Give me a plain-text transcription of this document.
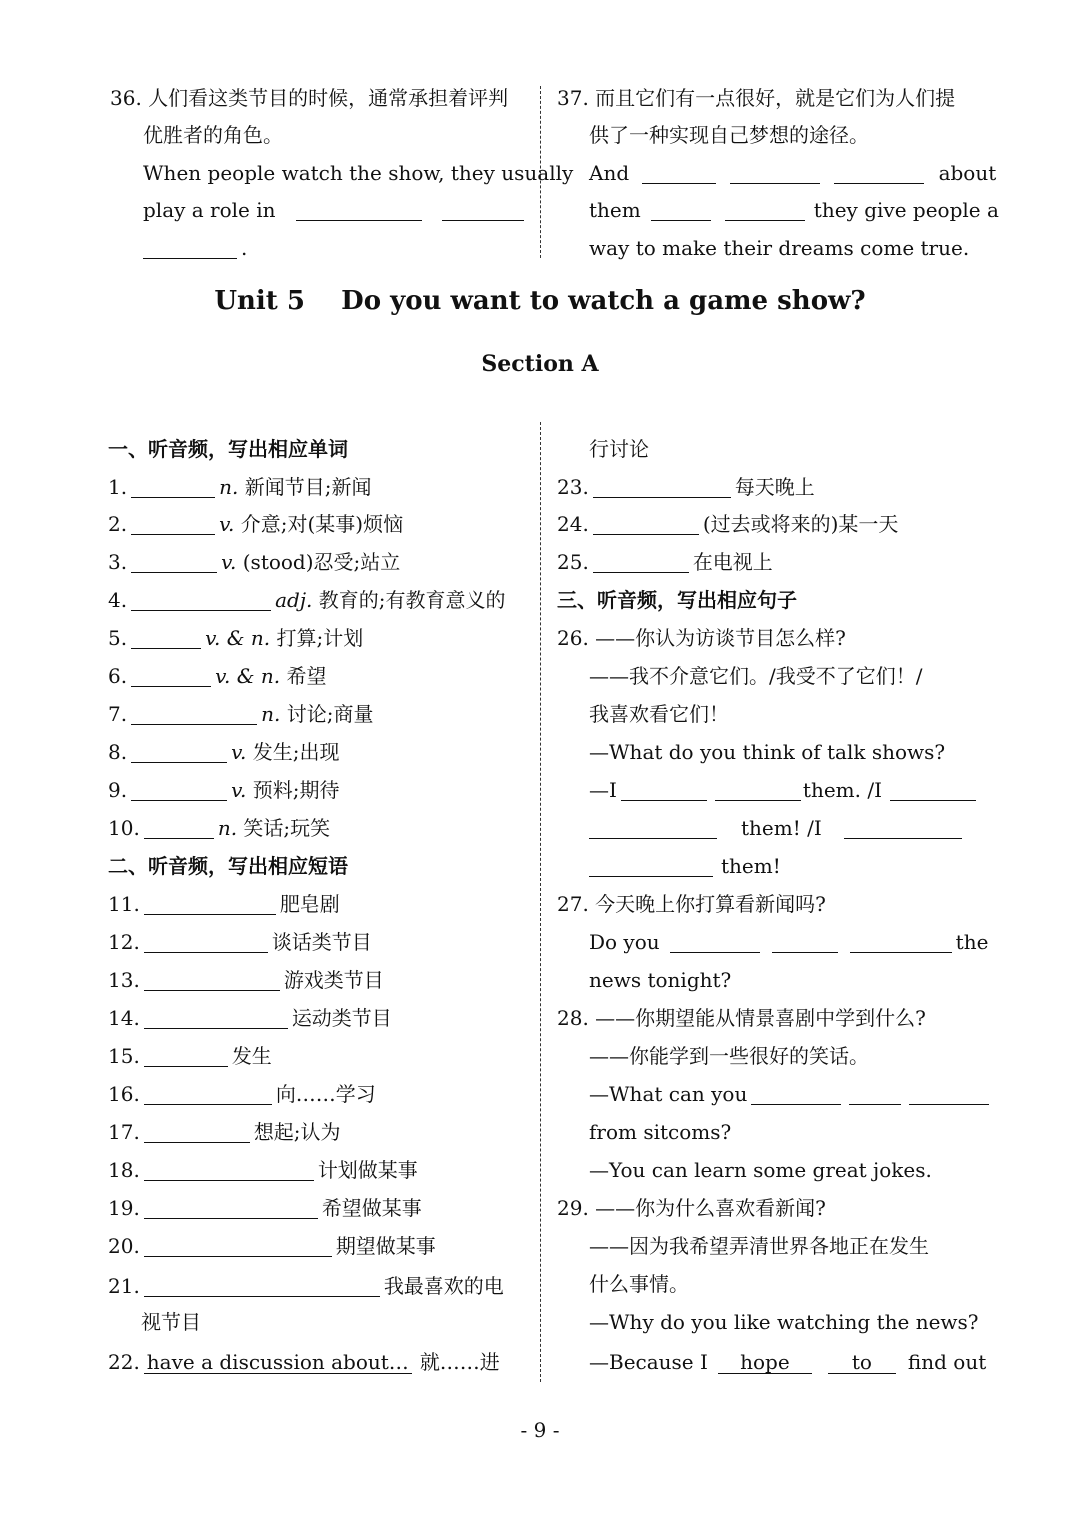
36. 人们看这类节目的时候，通常承担着评判
优胜者的角色。
When people watch the show, they usually
play a role in
.
37. 而且它们有一点很好，就是它们为人们提
供了一种实现自己梦想的途径。
And	about
them	they give people a
way to make their dreams come true.
Unit 5    Do you want to watch a game show?
Section A
一、听音频，写出相应单词
1.	n. 新闻节目;新闻
2.	v. 介意;对(某事)烦恼
3.	v. (stood)忍受;站立
4.	adj. 教育的;有教育意义的
5.	v. & n. 打算;计划
6.	v. & n. 希望
7.	n. 讨论;商量
8.	v. 发生;出现
9.	v. 预料;期待
10.	n. 笑话;玩笑
二、听音频，写出相应短语
11.	肥皂剧
12.	谈话类节目
13.	游戏类节目
14.	运动类节目
15.	发生
16.	向……学习
17.	想起;认为
18.	计划做某事
19.	希望做某事
20.	期望做某事
21.	我最喜欢的电
视节目
22. have a discussion about… 就……进
行讨论
23.	每天晚上
24.	(过去或将来的)某一天
25.	在电视上
三、听音频，写出相应句子
26. ——你认为访谈节目怎么样?
——我不介意它们。/我受不了它们！/
我喜欢看它们！
—What do you think of talk shows?
—I	them. /I
them! /I
them!
27. 今天晚上你打算看新闻吗?
Do you	the
news tonight?
28. ——你期望能从情景喜剧中学到什么?
——你能学到一些很好的笑话。
—What can you
from sitcoms?
—You can learn some great jokes.
29. ——你为什么喜欢看新闻?
——因为我希望弄清世界各地正在发生
什么事情。
—Why do you like watching the news?
—Because I hope	to find out
- 9 -
